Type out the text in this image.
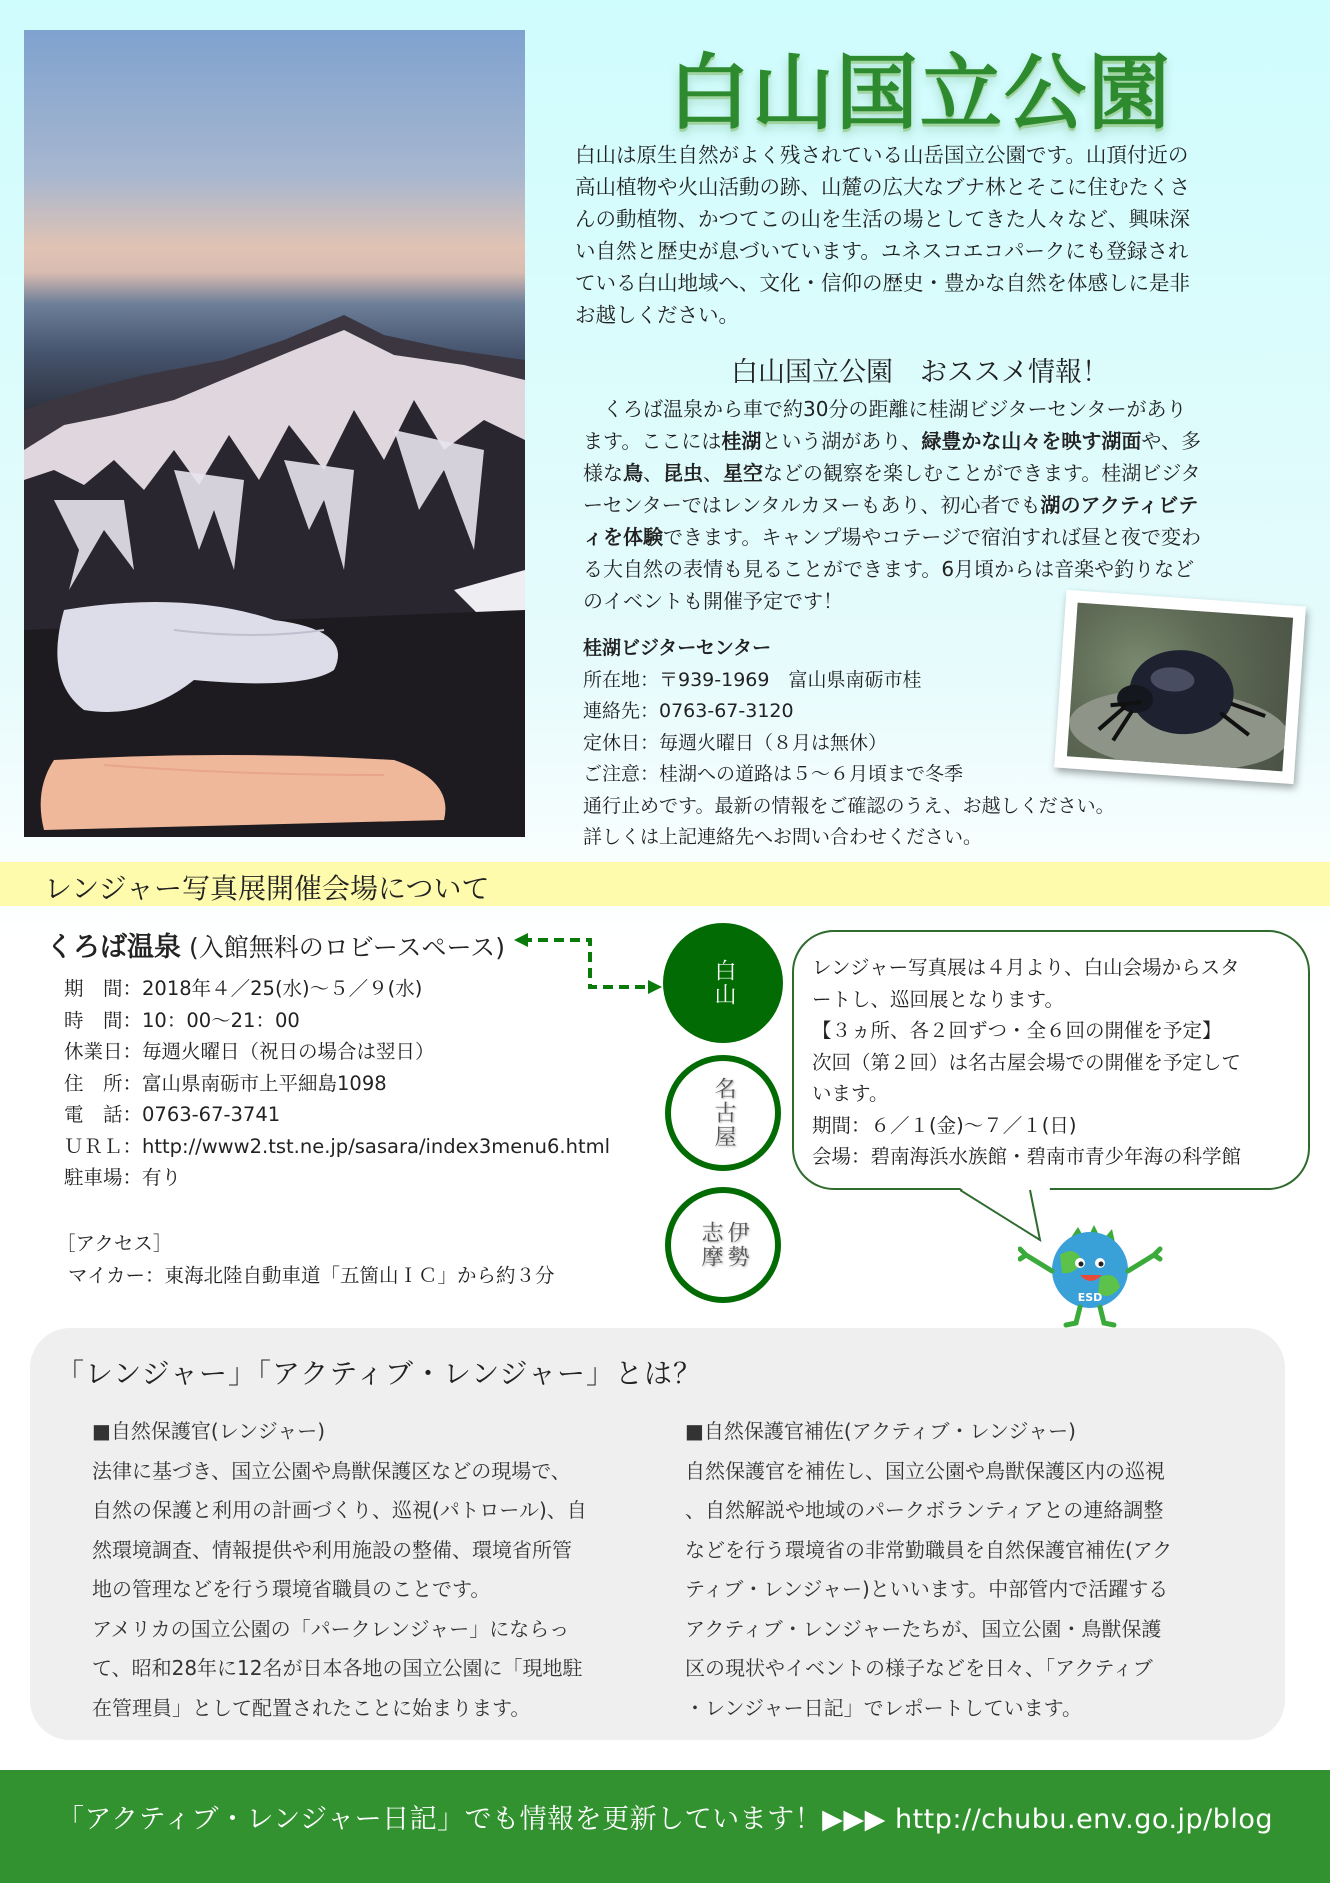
白山国立公園
白山は原生自然がよく残されている山岳国立公園です。山頂付近の
高山植物や火山活動の跡、山麓の広大なブナ林とそこに住むたくさ
んの動植物、かつてこの山を生活の場としてきた人々など、興味深
い自然と歴史が息づいています。ユネスコエコパークにも登録され
ている白山地域へ、文化・信仰の歴史・豊かな自然を体感しに是非
お越しください。
白山国立公園　おススメ情報！
　くろば温泉から車で約30分の距離に桂湖ビジターセンターがあり
ます。ここには桂湖という湖があり、緑豊かな山々を映す湖面や、多
様な鳥、昆虫、星空などの観察を楽しむことができます。桂湖ビジタ
ーセンターではレンタルカヌーもあり、初心者でも湖のアクティビテ
ィを体験できます。キャンプ場やコテージで宿泊すれば昼と夜で変わ
る大自然の表情も見ることができます。6月頃からは音楽や釣りなど
のイベントも開催予定です！
桂湖ビジターセンター
所在地：〒939-1969　富山県南砺市桂
連絡先：0763-67-3120
定休日：毎週火曜日（８月は無休）
ご注意：桂湖への道路は５～６月頃まで冬季
通行止めです。最新の情報をご確認のうえ、お越しください。
詳しくは上記連絡先へお問い合わせください。
レンジャー写真展開催会場について
くろば温泉 (入館無料のロビースペース)
期　間：2018年４／25(水)～５／９(水)
時　間：10：00～21：00
休業日：毎週火曜日（祝日の場合は翌日）
住　所：富山県南砺市上平細島1098
電　話：0763-67-3741
ＵＲＬ：http://www2.tst.ne.jp/sasara/index3menu6.html
駐車場：有り
［アクセス］
マイカー：東海北陸自動車道「五箇山ＩＣ」から約３分
白山
名古屋
伊勢志摩
レンジャー写真展は４月より、白山会場からスタ
ートし、巡回展となります。
【３ヵ所、各２回ずつ・全６回の開催を予定】
次回（第２回）は名古屋会場での開催を予定して
います。
期間：６／１(金)～７／１(日)
会場：碧南海浜水族館・碧南市青少年海の科学館
ESD
「レンジャー」「アクティブ・レンジャー」とは？
■自然保護官(レンジャー)
法律に基づき、国立公園や鳥獣保護区などの現場で、
自然の保護と利用の計画づくり、巡視(パトロール)、自
然環境調査、情報提供や利用施設の整備、環境省所管
地の管理などを行う環境省職員のことです。
アメリカの国立公園の「パークレンジャー」にならっ
て、昭和28年に12名が日本各地の国立公園に「現地駐
在管理員」として配置されたことに始まります。
■自然保護官補佐(アクティブ・レンジャー)
自然保護官を補佐し、国立公園や鳥獣保護区内の巡視
、自然解説や地域のパークボランティアとの連絡調整
などを行う環境省の非常勤職員を自然保護官補佐(アク
ティブ・レンジャー)といいます。中部管内で活躍する
アクティブ・レンジャーたちが、国立公園・鳥獣保護
区の現状やイベントの様子などを日々、「アクティブ
・レンジャー日記」でレポートしています。
「アクティブ・レンジャー日記」でも情報を更新しています！▶▶▶ http://chubu.env.go.jp/blog
